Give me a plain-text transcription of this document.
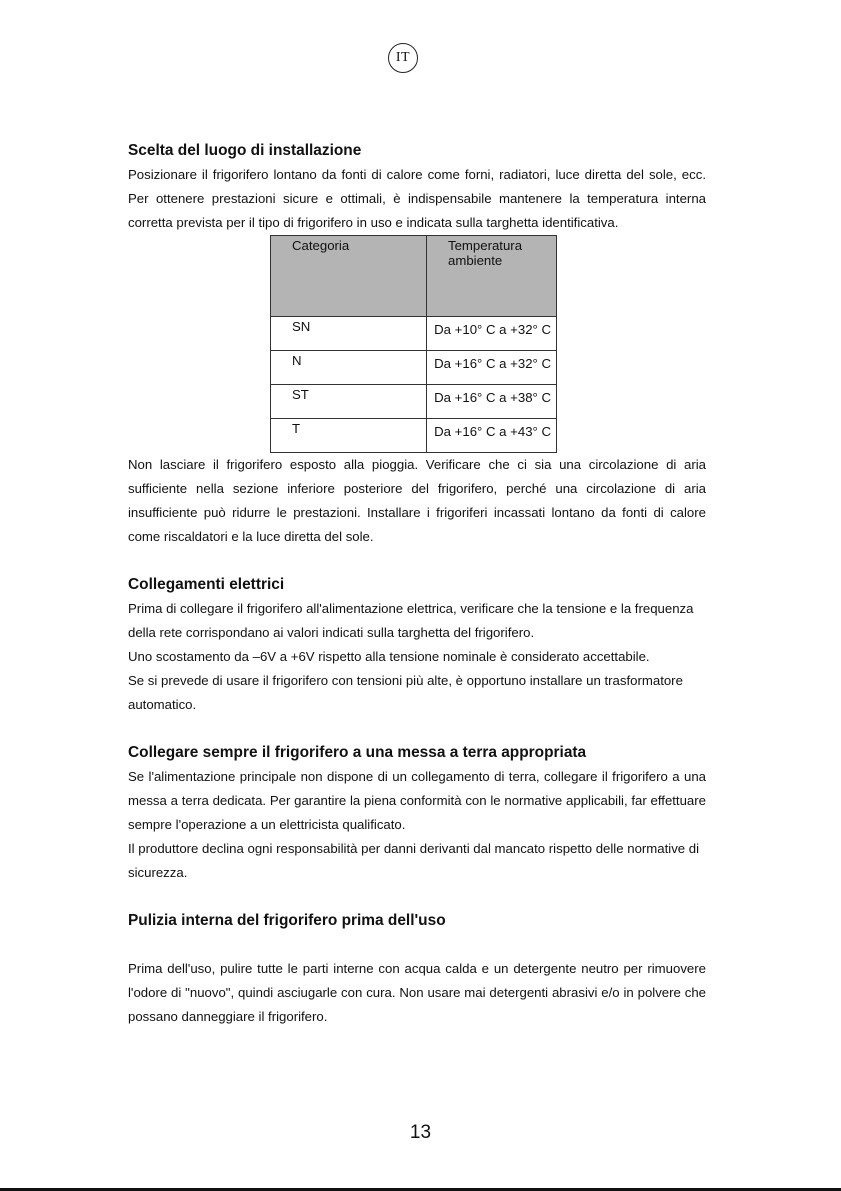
IT
Scelta del luogo di installazione

Posizionare il frigorifero lontano da fonti di calore come forni, radiatori, luce diretta del sole, ecc. Per ottenere prestazioni sicure e ottimali, è indispensabile mantenere la temperatura interna corretta prevista per il tipo di frigorifero in uso e indicata sulla targhetta identificativa.

Categoria	Temperatura ambiente
SN	Da +10° C a +32° C
N	Da +16° C a +32° C
ST	Da +16° C a +38° C
T	Da +16° C a +43° C

Non lasciare il frigorifero esposto alla pioggia. Verificare che ci sia una circolazione di aria sufficiente nella sezione inferiore posteriore del frigorifero, perché una circolazione di aria insufficiente può ridurre le prestazioni. Installare i frigoriferi incassati lontano da fonti di calore come riscaldatori e la luce diretta del sole.

Collegamenti elettrici

Prima di collegare il frigorifero all'alimentazione elettrica, verificare che la tensione e la frequenza della rete corrispondano ai valori indicati sulla targhetta del frigorifero.

Uno scostamento da –6V a +6V rispetto alla tensione nominale è considerato accettabile.

Se si prevede di usare il frigorifero con tensioni più alte, è opportuno installare un trasformatore automatico.

Collegare sempre il frigorifero a una messa a terra appropriata

Se l'alimentazione principale non dispone di un collegamento di terra, collegare il frigorifero a una messa a terra dedicata. Per garantire la piena conformità con le normative applicabili, far effettuare sempre l'operazione a un elettricista qualificato.

Il produttore declina ogni responsabilità per danni derivanti dal mancato rispetto delle normative di sicurezza.

Pulizia interna del frigorifero prima dell'uso

Prima dell'uso, pulire tutte le parti interne con acqua calda e un detergente neutro per rimuovere l'odore di "nuovo", quindi asciugarle con cura. Non usare mai detergenti abrasivi e/o in polvere che possano danneggiare il frigorifero.

13
